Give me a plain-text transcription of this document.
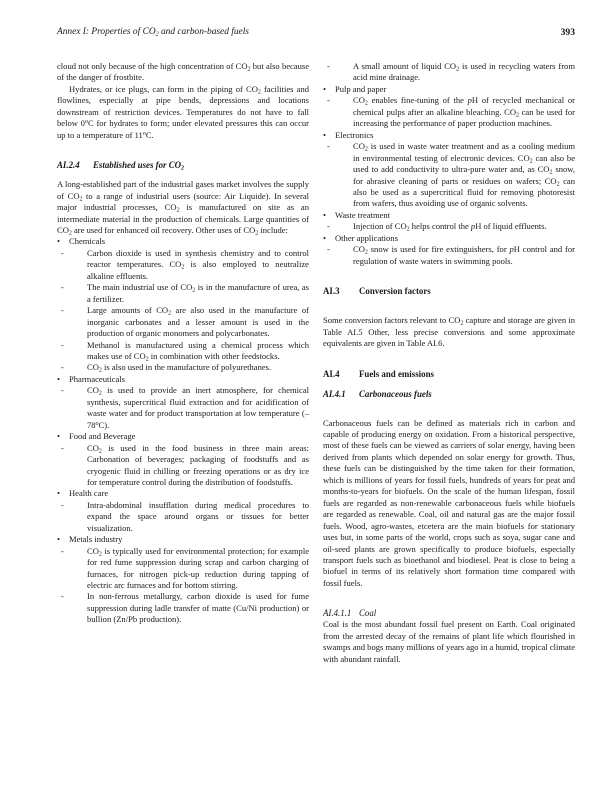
Annex I: Properties of $CO_2$ and carbon-based fuels	393

cloud not only because of the high concentration of $CO_2$ but also because of the danger of frostbite.

Hydrates, or ice plugs, can form in the piping of $CO_2$ facilities and flowlines, especially at pipe bends, depressions and locations downstream of restriction devices. Temperatures do not have to fall below 0$^o$C for hydrates to form; under elevated pressures this can occur up to a temperature of 11$^o$C.

AI.2.4	Established uses for $CO_2$

A long-established part of the industrial gases market involves the supply of $CO_2$ to a range of industrial users (source: Air Liquide). In several major industrial processes, $CO_2$ is manufactured on site as an intermediate material in the production of chemicals. Large quantities of $CO_2$ are used for enhanced oil recovery. Other uses of $CO_2$ include:

•	Chemicals
-	Carbon dioxide is used in synthesis chemistry and to control reactor temperatures. $CO_2$ is also employed to neutralize alkaline effluents.
-	The main industrial use of $CO_2$ is in the manufacture of urea, as a fertilizer.
-	Large amounts of $CO_2$ are also used in the manufacture of inorganic carbonates and a lesser amount is used in the production of organic monomers and polycarbonates.
-	Methanol is manufactured using a chemical process which makes use of $CO_2$ in combination with other feedstocks.
-	$CO_2$ is also used in the manufacture of polyurethanes.
•	Pharmaceuticals
-	$CO_2$ is used to provide an inert atmosphere, for chemical synthesis, supercritical fluid extraction and for acidification of waste water and for product transportation at low temperature (–78$^o$C).
•	Food and Beverage
-	$CO_2$ is used in the food business in three main areas: Carbonation of beverages; packaging of foodstuffs and as cryogenic fluid in chilling or freezing operations or as dry ice for temperature control during the distribution of foodstuffs.
•	Health care
-	Intra-abdominal insufflation during medical procedures to expand the space around organs or tissues for better visualization.
•	Metals industry
-	$CO_2$ is typically used for environmental protection; for example for red fume suppression during scrap and carbon charging of furnaces, for nitrogen pick-up reduction during tapping of electric arc furnaces and for bottom stirring.
-	In non-ferrous metallurgy, carbon dioxide is used for fume suppression during ladle transfer of matte (Cu/Ni production) or bullion (Zn/Pb production).
-	A small amount of liquid $CO_2$ is used in recycling waters from acid mine drainage.
•	Pulp and paper
-	$CO_2$ enables fine-tuning of the pH of recycled mechanical or chemical pulps after an alkaline bleaching. $CO_2$ can be used for increasing the performance of paper production machines.
•	Electronics
-	$CO_2$ is used in waste water treatment and as a cooling medium in environmental testing of electronic devices. $CO_2$ can also be used to add conductivity to ultra-pure water and, as $CO_2$ snow, for abrasive cleaning of parts or residues on wafers; $CO_2$ can also be used as a supercritical fluid for removing photoresist from wafers, thus avoiding use of organic solvents.
•	Waste treatment
-	Injection of $CO_2$ helps control the pH of liquid effluents.
•	Other applications
-	$CO_2$ snow is used for fire extinguishers, for pH control and for regulation of waste waters in swimming pools.
AI.3	Conversion factors

Some conversion factors relevant to $CO_2$ capture and storage are given in Table AI.5 Other, less precise conversions and some approximate equivalents are given in Table AI.6.

AI.4	Fuels and emissions
AI.4.1	Carbonaceous fuels

Carbonaceous fuels can be defined as materials rich in carbon and capable of producing energy on oxidation. From a historical perspective, most of these fuels can be viewed as carriers of solar energy, having been derived from plants which depended on solar energy for growth. Thus, these fuels can be distinguished by the time taken for their formation, which is millions of years for fossil fuels, hundreds of years for peat and months-to-years for biofuels. On the scale of the human lifespan, fossil fuels are regarded as non-renewable carbonaceous fuels while biofuels are regarded as renewable. Coal, oil and natural gas are the major fossil fuels. Wood, agro-wastes, etcetera are the main biofuels for stationary uses but, in some parts of the world, crops such as soya, sugar cane and oil-seed plants are grown specifically to produce biofuels, especially transport fuels such as bioethanol and biodiesel. Peat is close to being a biofuel in terms of its relatively short formation time compared with fossil fuels.

AI.4.1.1 Coal

Coal is the most abundant fossil fuel present on Earth. Coal originated from the arrested decay of the remains of plant life which flourished in swamps and bogs many millions of years ago in a humid, tropical climate with abundant rainfall.
